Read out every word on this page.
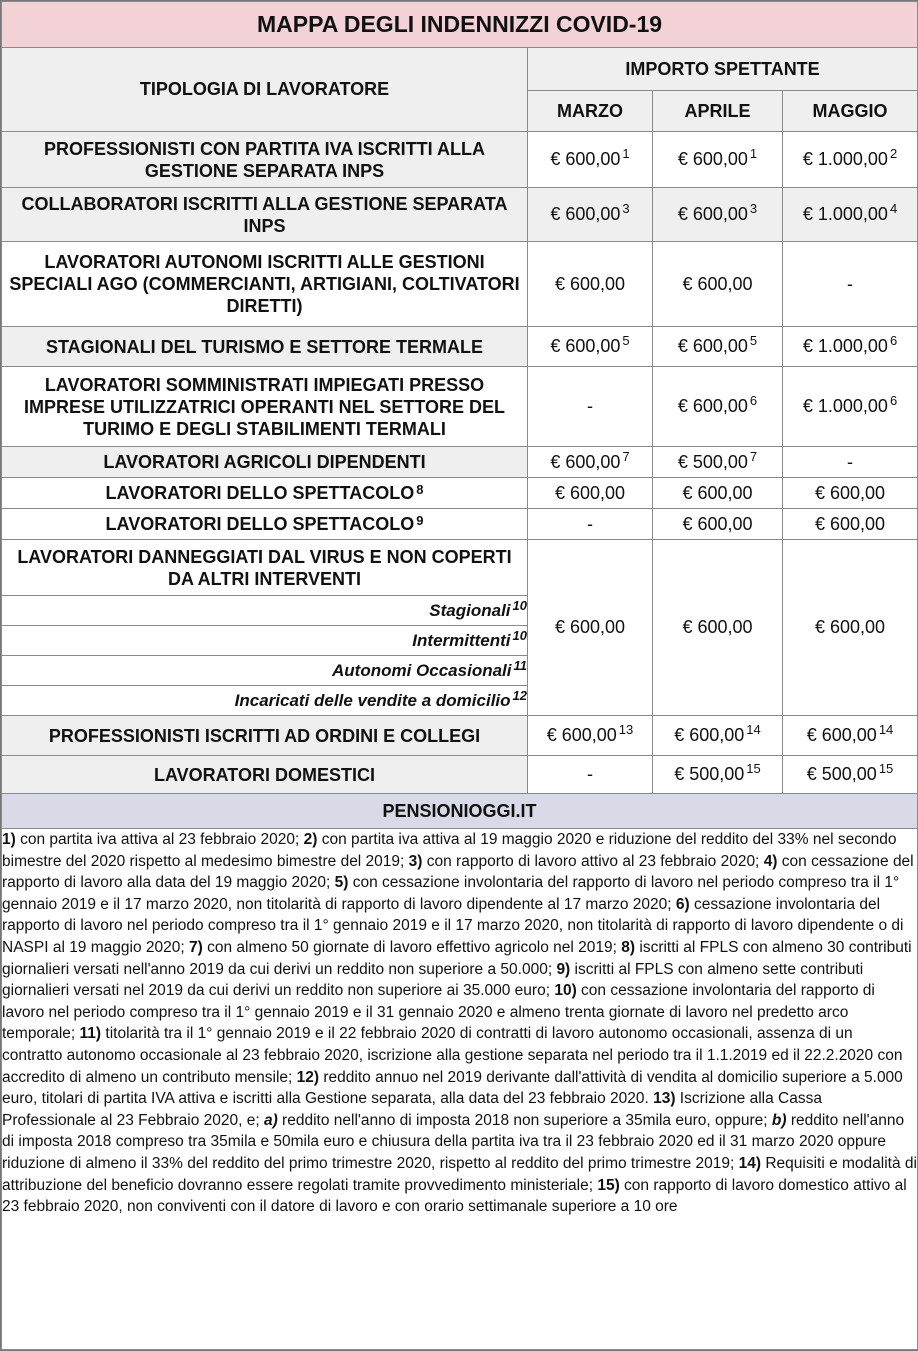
MAPPA DEGLI INDENNIZZI COVID-19			
TIPOLOGIA DI LAVORATORE	IMPORTO SPETTANTE		
	MARZO	APRILE	MAGGIO
PROFESSIONISTI CON PARTITA IVA ISCRITTI ALLA GESTIONE SEPARATA INPS	€ 600,00 $^1$	€ 600,00 $^1$	€ 1.000,00 $^2$
COLLABORATORI ISCRITTI ALLA GESTIONE SEPARATA INPS	€ 600,00 $^3$	€ 600,00 $^3$	€ 1.000,00 $^4$
LAVORATORI AUTONOMI ISCRITTI ALLE GESTIONI SPECIALI AGO (COMMERCIANTI, ARTIGIANI, COLTIVATORI DIRETTI)	€ 600,00	€ 600,00	-
STAGIONALI DEL TURISMO E SETTORE TERMALE	€ 600,00 $^5$	€ 600,00 $^5$	€ 1.000,00 $^6$
LAVORATORI SOMMINISTRATI IMPIEGATI PRESSO IMPRESE UTILIZZATRICI OPERANTI NEL SETTORE DEL TURIMO E DEGLI STABILIMENTI TERMALI	-	€ 600,00 $^6$	€ 1.000,00 $^6$
LAVORATORI AGRICOLI DIPENDENTI	€ 600,00 $^7$	€ 500,00 $^7$	-
LAVORATORI DELLO SPETTACOLO $^8$	€ 600,00	€ 600,00	€ 600,00
LAVORATORI DELLO SPETTACOLO $^9$	-	€ 600,00	€ 600,00
LAVORATORI DANNEGGIATI DAL VIRUS E NON COPERTI DA ALTRI INTERVENTI	€ 600,00	€ 600,00	€ 600,00
Stagionali $^{10}$
Intermittenti $^{10}$
Autonomi Occasionali $^{11}$
Incaricati delle vendite a domicilio $^{12}$
PROFESSIONISTI ISCRITTI AD ORDINI E COLLEGI	€ 600,00 $^{13}$	€ 600,00 $^{14}$	€ 600,00 $^{14}$
LAVORATORI DOMESTICI	-	€ 500,00 $^{15}$	€ 500,00 $^{15}$
PENSIONIOGGI.IT			
1) con partita iva attiva al 23 febbraio 2020; 2) con partita iva attiva al 19 maggio 2020 e riduzione del reddito del 33% nel secondo bimestre del 2020 rispetto al medesimo bimestre del 2019; 3) con rapporto di lavoro attivo al 23 febbraio 2020; 4) con cessazione del rapporto di lavoro alla data del 19 maggio 2020; 5) con cessazione involontaria del rapporto di lavoro nel periodo compreso tra il 1° gennaio 2019 e il 17 marzo 2020, non titolarità di rapporto di lavoro dipendente al 17 marzo 2020; 6) cessazione involontaria del rapporto di lavoro nel periodo compreso tra il 1° gennaio 2019 e il 17 marzo 2020, non titolarità di rapporto di lavoro dipendente o di NASPI al 19 maggio 2020; 7) con almeno 50 giornate di lavoro effettivo agricolo nel 2019; 8) iscritti al FPLS con almeno 30 contributi giornalieri versati nell'anno 2019 da cui derivi un reddito non superiore a 50.000; 9) iscritti al FPLS con almeno sette contributi giornalieri versati nel 2019 da cui derivi un reddito non superiore ai 35.000 euro; 10) con cessazione involontaria del rapporto di lavoro nel periodo compreso tra il 1° gennaio 2019 e il 31 gennaio 2020 e almeno trenta giornate di lavoro nel predetto arco temporale; 11) titolarità tra il 1° gennaio 2019 e il 22 febbraio 2020 di contratti di lavoro autonomo occasionali, assenza di un contratto autonomo occasionale al 23 febbraio 2020, iscrizione alla gestione separata nel periodo tra il 1.1.2019 ed il 22.2.2020 con accredito di almeno un contributo mensile; 12) reddito annuo nel 2019 derivante dall'attività di vendita al domicilio superiore a 5.000 euro, titolari di partita IVA attiva e iscritti alla Gestione separata, alla data del 23 febbraio 2020. 13) Iscrizione alla Cassa Professionale al 23 Febbraio 2020, e; a) reddito nell'anno di imposta 2018 non superiore a 35mila euro, oppure; b) reddito nell'anno di imposta 2018 compreso tra 35mila e 50mila euro e chiusura della partita iva tra il 23 febbraio 2020 ed il 31 marzo 2020 oppure riduzione di almeno il 33% del reddito del primo trimestre 2020, rispetto al reddito del primo trimestre 2019; 14) Requisiti e modalità di attribuzione del beneficio dovranno essere regolati tramite provvedimento ministeriale; 15) con rapporto di lavoro domestico attivo al 23 febbraio 2020, non conviventi con il datore di lavoro e con orario settimanale superiore a 10 ore			
